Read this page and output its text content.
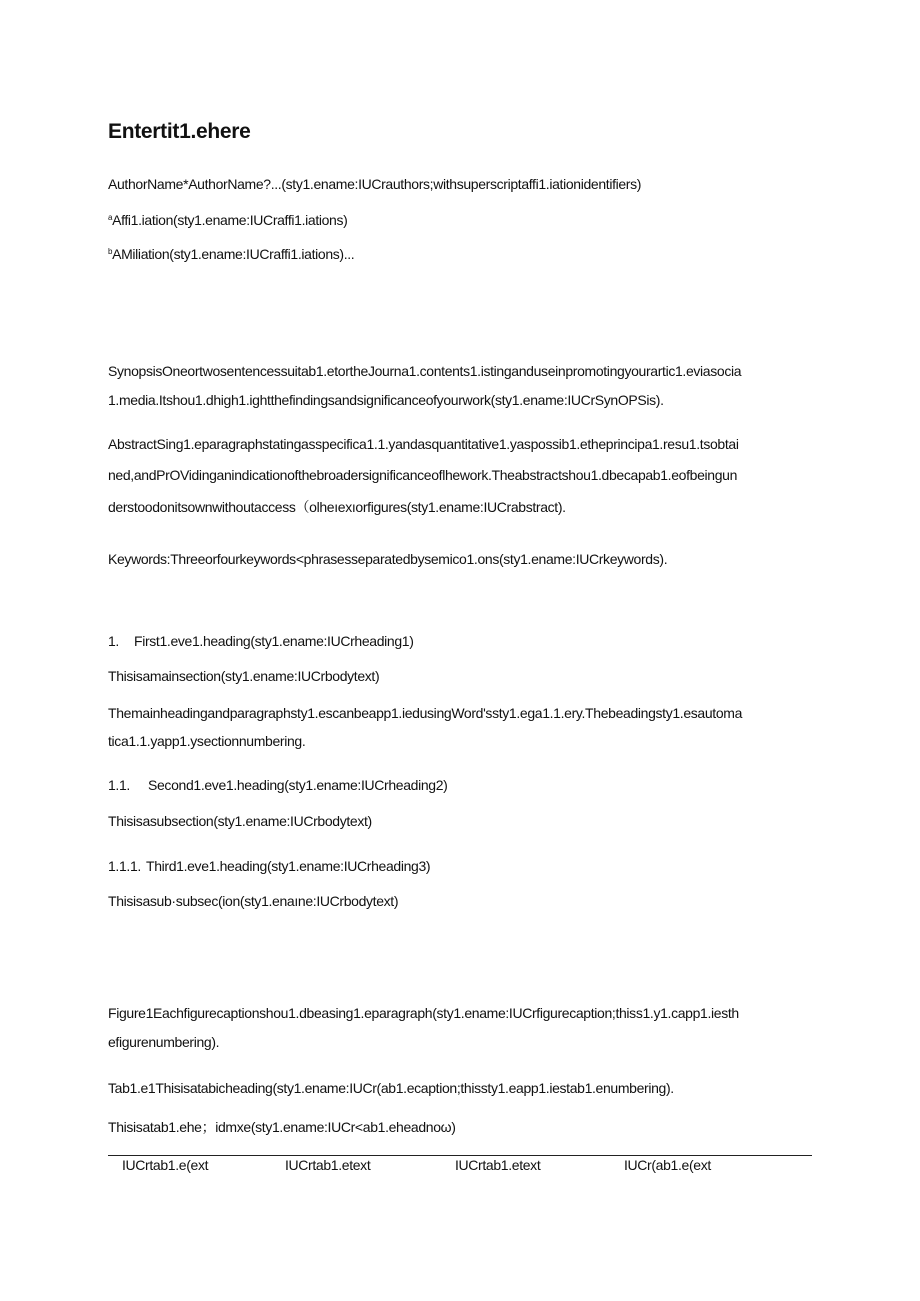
Entertit1.ehere
AuthorName*AuthorName?...(sty1.ename:IUCrauthors;withsuperscriptaffi1.iationidentifiers)
$^a$Affi1.iation(sty1.ename:IUCraffi1.iations)
$^b$AMiliation(sty1.ename:IUCraffi1.iations)...
SynopsisOneortwosentencessuitab1.etortheJourna1.contents1.istinganduseinpromotingyourartic1.eviasocia
1.media.Itshou1.dhigh1.ightthefindingsandsignificanceofyourwork(sty1.ename:IUCrSynOPSis).
AbstractSing1.eparagraphstatingasspecifica1.1.yandasquantitative1.yaspossib1.etheprincipa1.resu1.tsobtai
ned,andPrOVidinganindicationofthebroadersignificanceoflhework.Theabstractshou1.dbecapab1.eofbeingun
derstoodonitsownwithoutaccess（olheıexıorfigures(sty1.ename:IUCrabstract).
Keywords:Threeorfourkeywords<phrasesseparatedbysemico1.ons(sty1.ename:IUCrkeywords).
1. First1.eve1.heading(sty1.ename:IUCrheading1)
Thisisamainsection(sty1.ename:IUCrbodytext)
Themainheadingandparagraphsty1.escanbeapp1.iedusingWord'ssty1.ega1.1.ery.Thebeadingsty1.esautoma
tica1.1.yapp1.ysectionnumbering.
1.1. Second1.eve1.heading(sty1.ename:IUCrheading2)
Thisisasubsection(sty1.ename:IUCrbodytext)
1.1.1. Third1.eve1.heading(sty1.ename:IUCrheading3)
Thisisasub·subsec(ion(sty1.enaıne:IUCrbodytext)
Figure1Eachfigurecaptionshou1.dbeasing1.eparagraph(sty1.ename:IUCrfigurecaption;thiss1.y1.capp1.iesth
efigurenumbering).
Tab1.e1Thisisatabicheading(sty1.ename:IUCr(ab1.ecaption;thissty1.eapp1.iestab1.enumbering).
Thisisatab1.ehe；idmxe(sty1.ename:IUCr<ab1.eheadnoω)
IUCrtab1.e(ext	IUCrtab1.etext	IUCrtab1.etext	IUCr(ab1.e(ext
